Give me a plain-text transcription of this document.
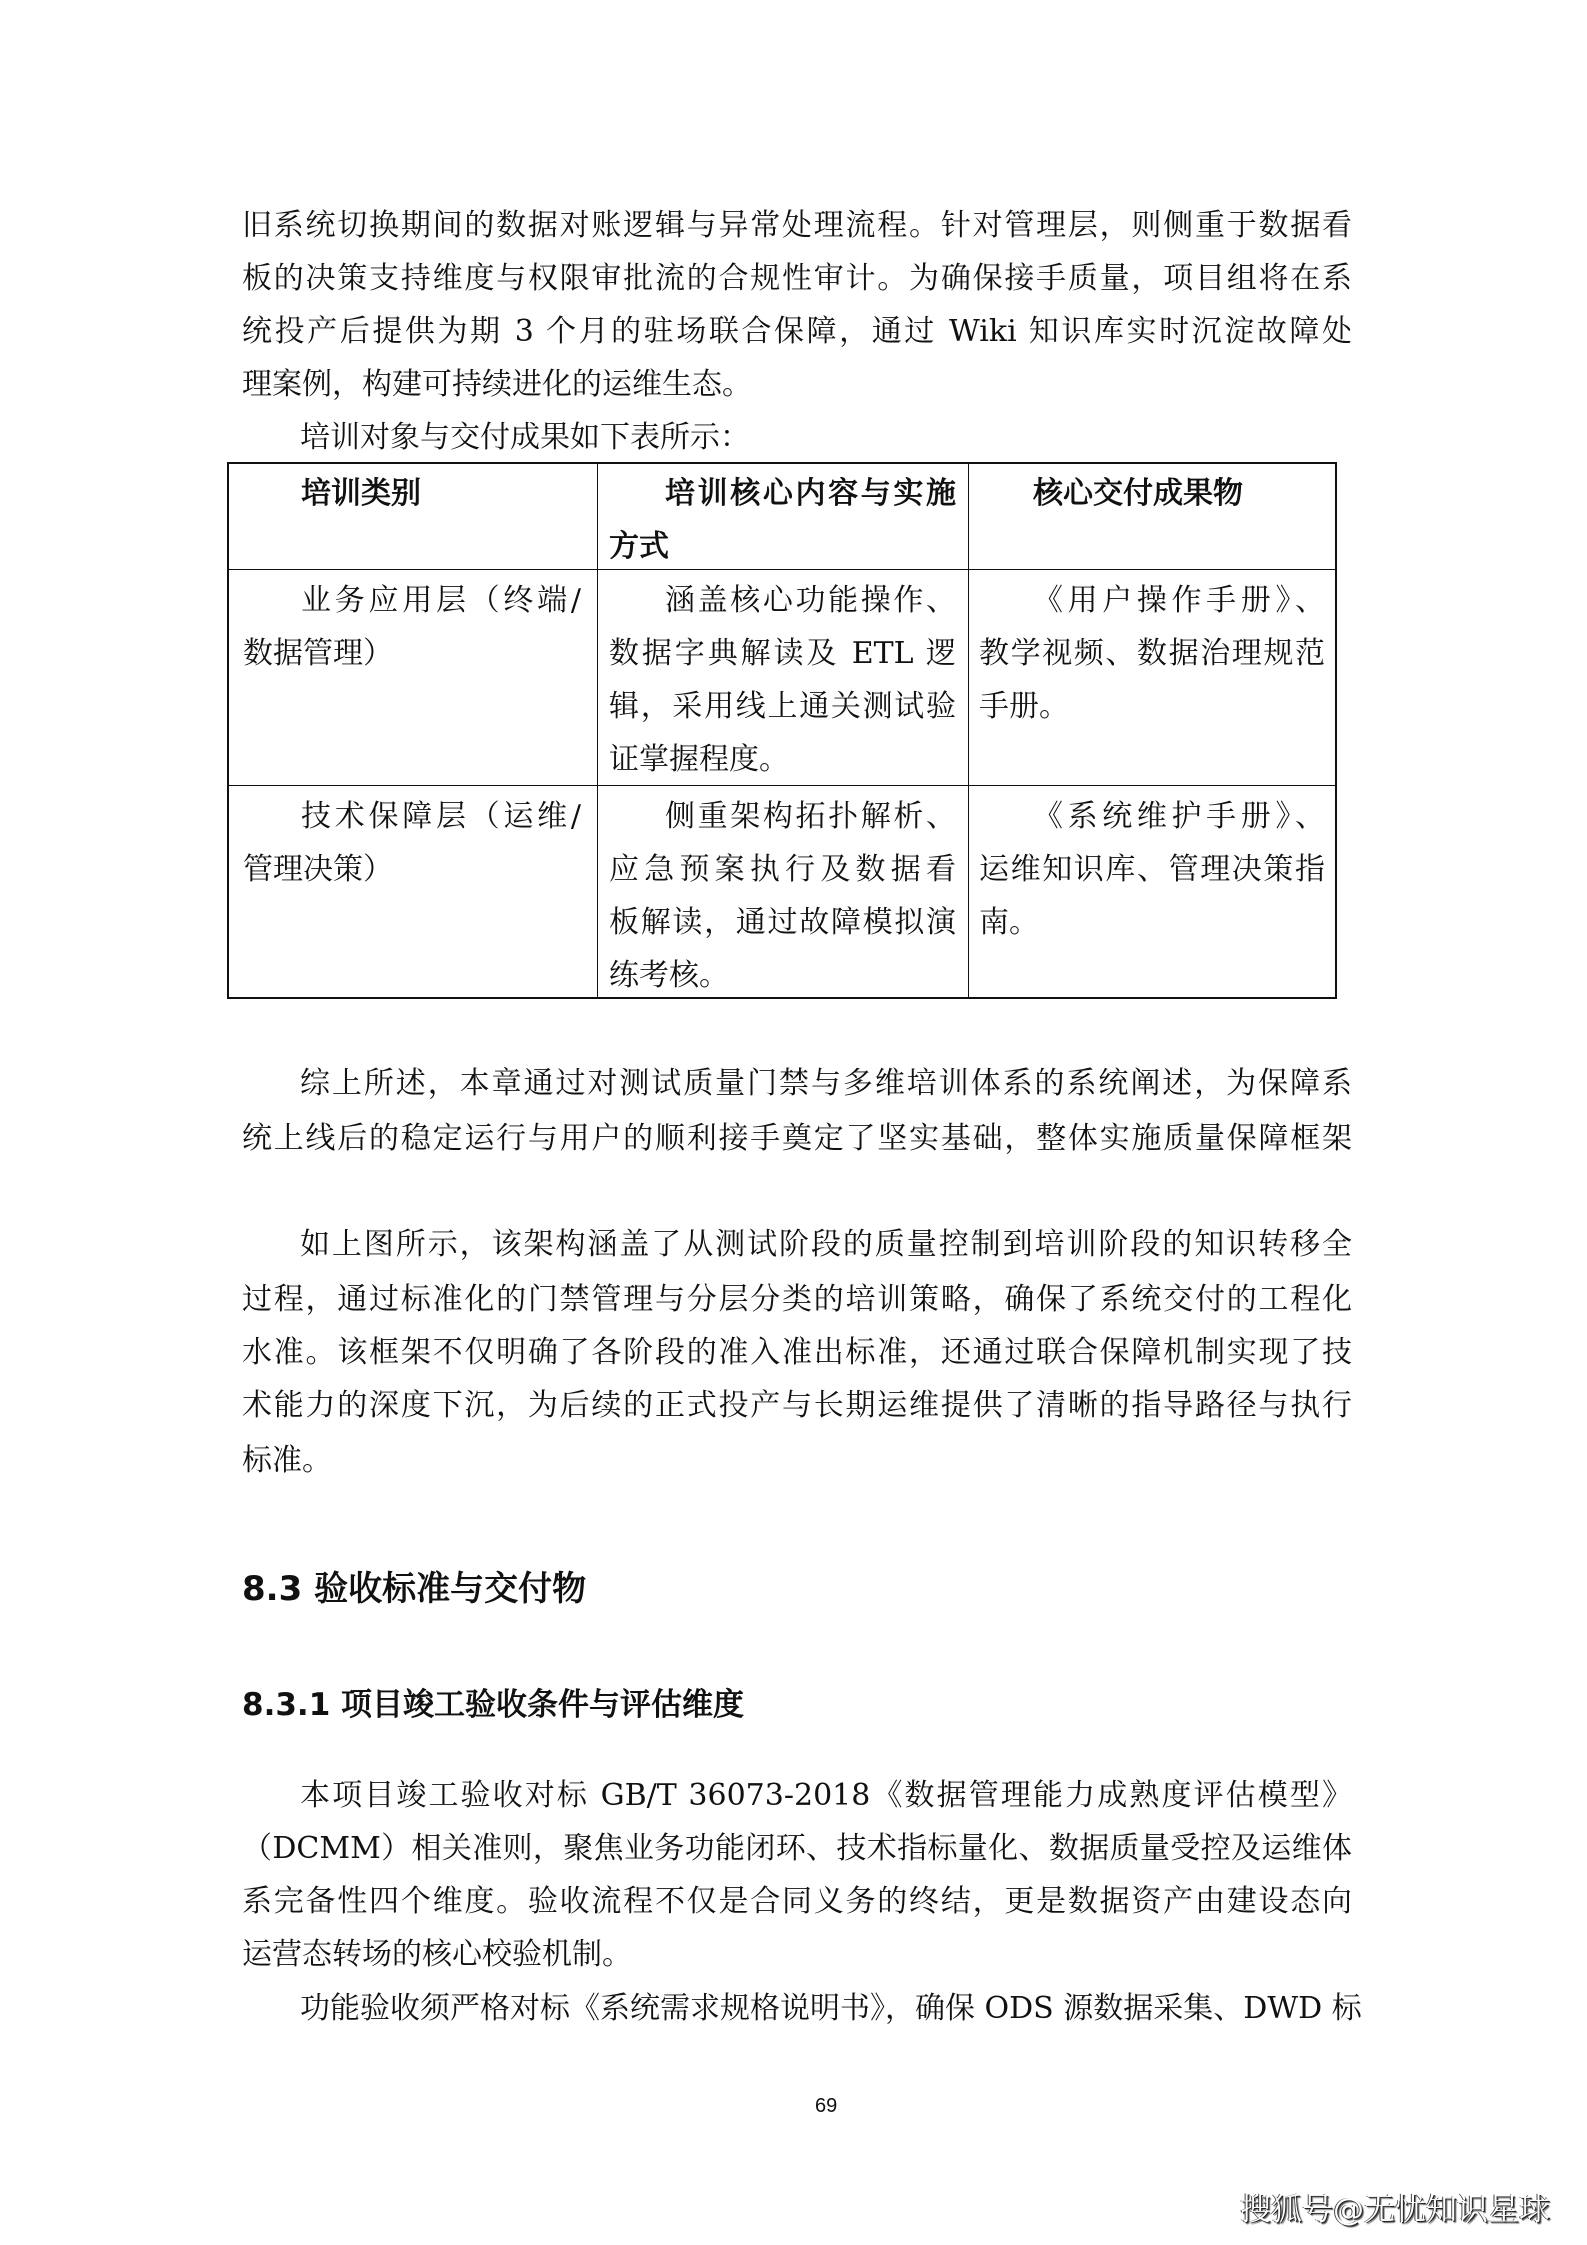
旧系统切换期间的数据对账逻辑与异常处理流程。针对管理层，则侧重于数据看
板的决策支持维度与权限审批流的合规性审计。为确保接手质量，项目组将在系
统投产后提供为期 3 个月的驻场联合保障，通过 Wiki 知识库实时沉淀故障处
理案例，构建可持续进化的运维生态。
培训对象与交付成果如下表所示：
培训类别	培训核心内容与实施
方式
核心交付成果物
业务应用层（终端/
数据管理）
涵盖核心功能操作、
数据字典解读及 ETL 逻
辑，采用线上通关测试验
证掌握程度。
《用户操作手册》、
教学视频、数据治理规范
手册。
技术保障层（运维/
管理决策）
侧重架构拓扑解析、
应急预案执行及数据看
板解读，通过故障模拟演
练考核。
《系统维护手册》、
运维知识库、管理决策指
南。
综上所述，本章通过对测试质量门禁与多维培训体系的系统阐述，为保障系
统上线后的稳定运行与用户的顺利接手奠定了坚实基础，整体实施质量保障框架
如上图所示，该架构涵盖了从测试阶段的质量控制到培训阶段的知识转移全
过程，通过标准化的门禁管理与分层分类的培训策略，确保了系统交付的工程化
水准。该框架不仅明确了各阶段的准入准出标准，还通过联合保障机制实现了技
术能力的深度下沉，为后续的正式投产与长期运维提供了清晰的指导路径与执行
标准。
8.3 验收标准与交付物
8.3.1 项目竣工验收条件与评估维度
本项目竣工验收对标 GB/T 36073-2018《数据管理能力成熟度评估模型》
（DCMM）相关准则，聚焦业务功能闭环、技术指标量化、数据质量受控及运维体
系完备性四个维度。验收流程不仅是合同义务的终结，更是数据资产由建设态向
运营态转场的核心校验机制。
功能验收须严格对标《系统需求规格说明书》，确保 ODS 源数据采集、DWD 标
69
搜狐号@无忧知识星球
